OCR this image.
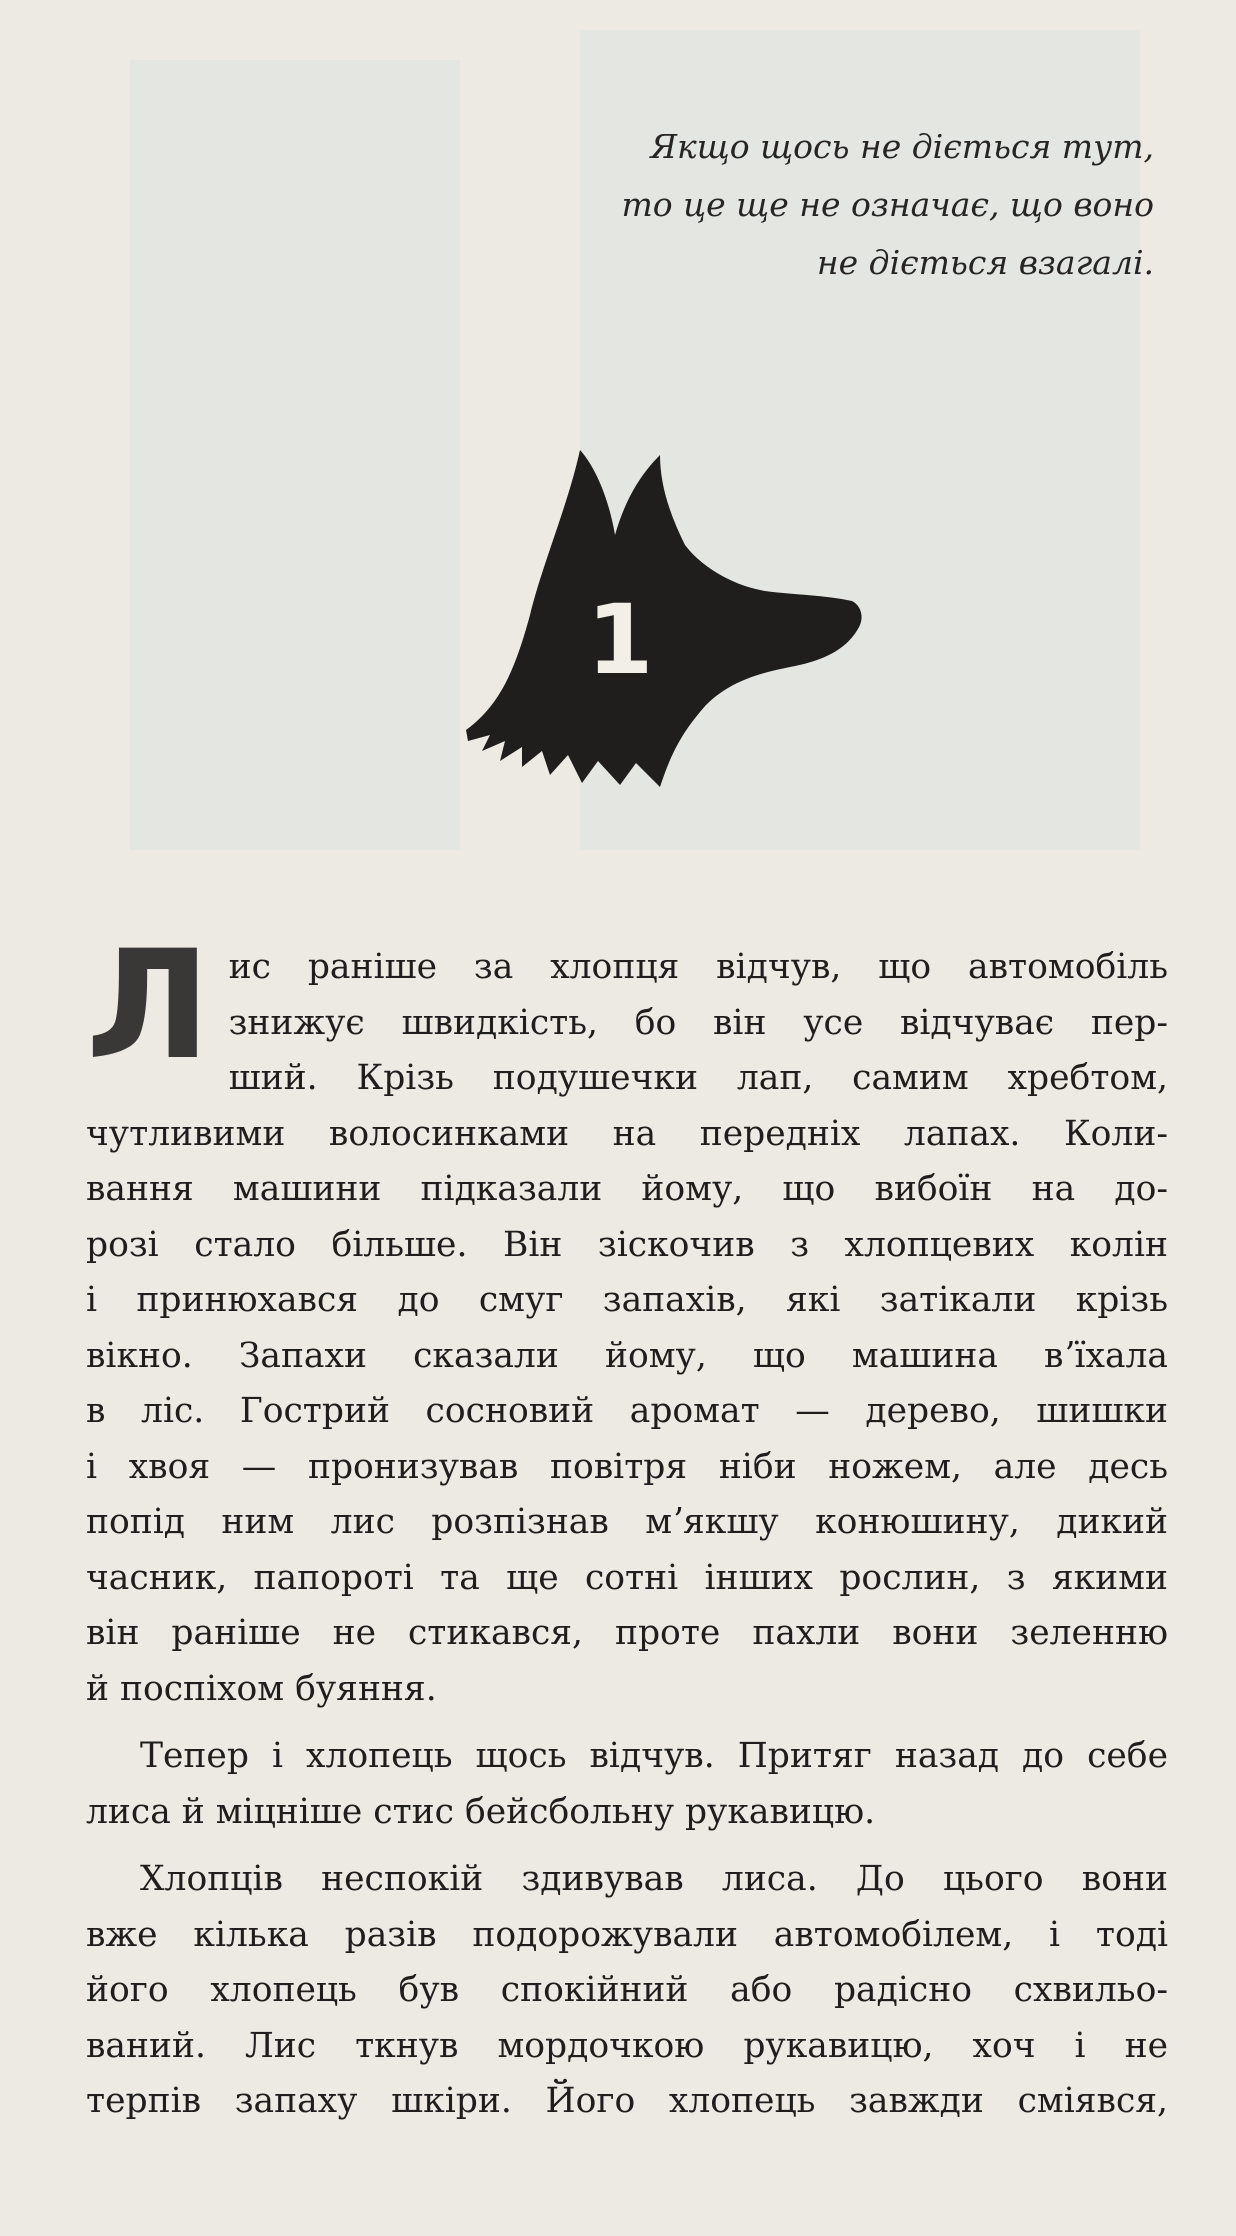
Якщо щось не діється тут,
то це ще не означає, що воно
не діється взагалі.
1
Л ис раніше за хлопця відчув, що автомобіль
знижує швидкість, бо він усе відчуває пер-
ший. Крізь подушечки лап, самим хребтом,
чутливими волосинками на передніх лапах. Коли-
вання машини підказали йому, що вибоїн на до-
розі стало більше. Він зіскочив з хлопцевих колін
і принюхався до смуг запахів, які затікали крізь
вікно. Запахи сказали йому, що машина вʼїхала
в ліс. Гострий сосновий аромат — дерево, шишки
і хвоя — пронизував повітря ніби ножем, але десь
попід ним лис розпізнав мʼякшу конюшину, дикий
часник, папороті та ще сотні інших рослин, з якими
він раніше не стикався, проте пахли вони зеленню
й поспіхом буяння.
Тепер і хлопець щось відчув. Притяг назад до себе
лиса й міцніше стис бейсбольну рукавицю.
Хлопців неспокій здивував лиса. До цього вони
вже кілька разів подорожували автомобілем, і тоді
його хлопець був спокійний або радісно схвильо-
ваний. Лис ткнув мордочкою рукавицю, хоч і не
терпів запаху шкіри. Його хлопець завжди сміявся,
